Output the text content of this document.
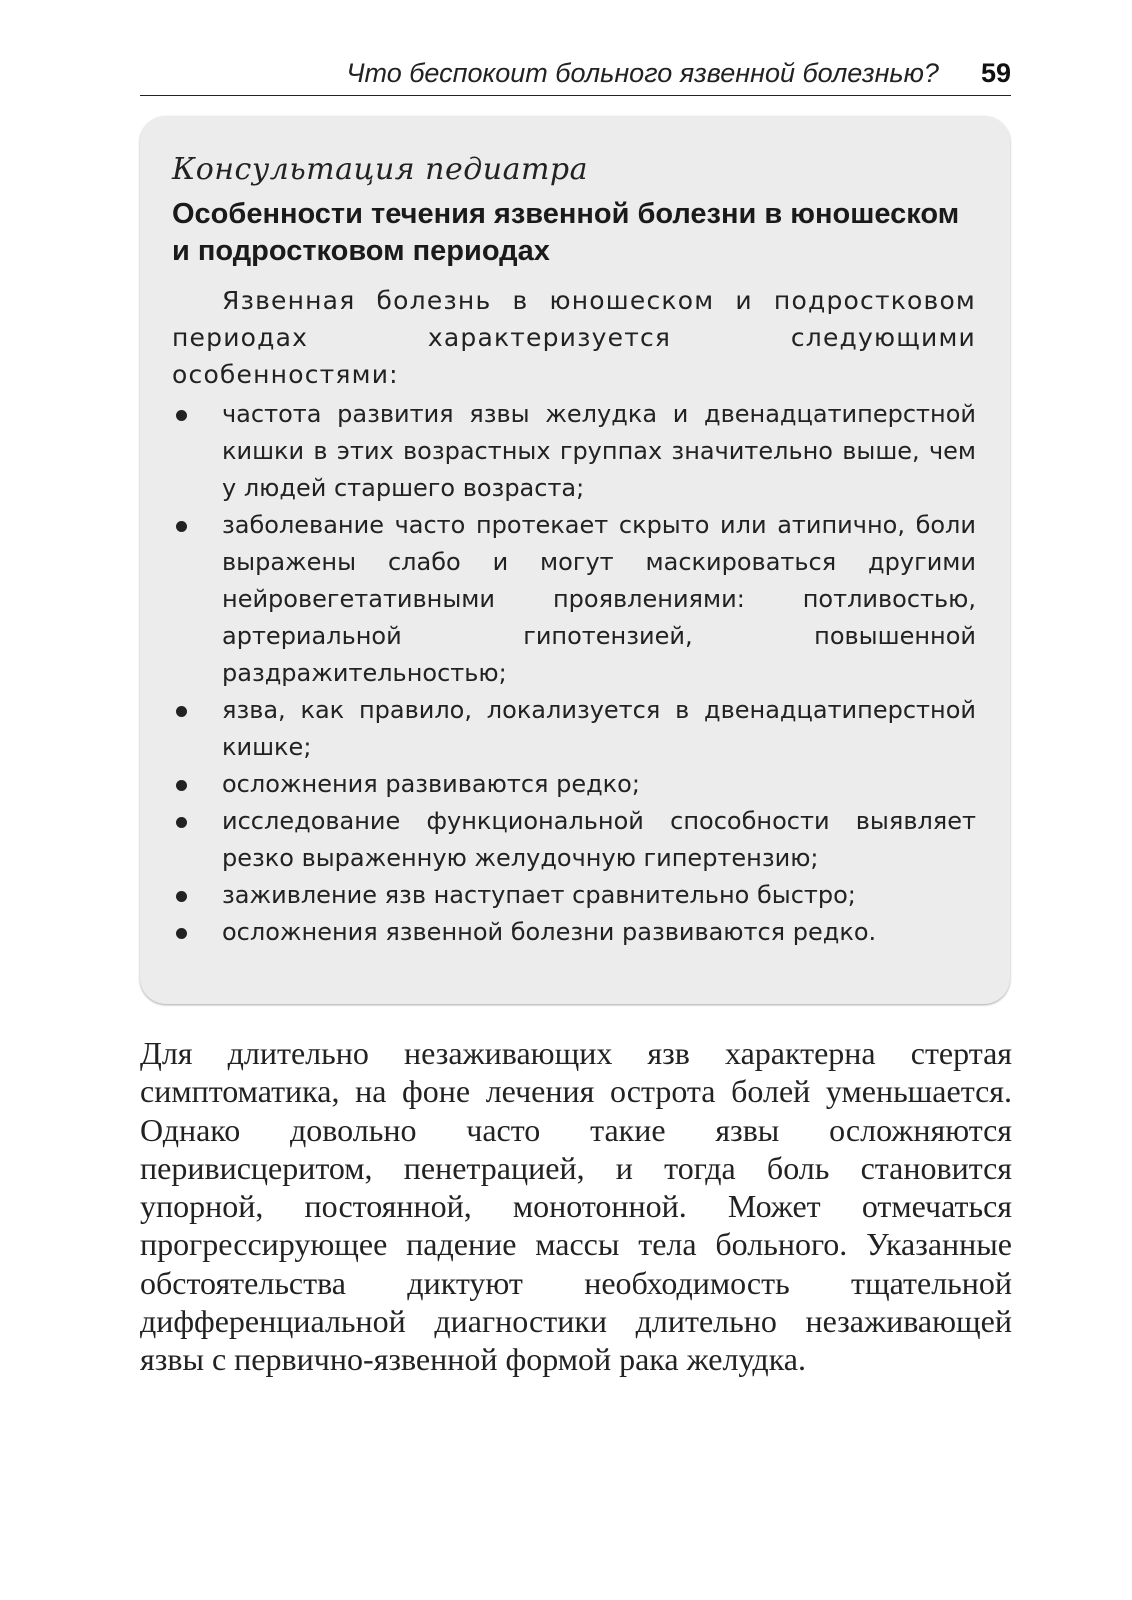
Что беспокоит больного язвенной болезнью? 59
Консультация педиатра
Особенности течения язвенной болезни в юношеском и подростковом периодах

Язвенная болезнь в юношеском и подростковом периодах характеризуется следующими особенностями:

частота развития язвы желудка и двенадцатиперстной кишки в этих возрастных группах значительно выше, чем у людей старшего возраста;
заболевание часто протекает скрыто или атипично, боли выражены слабо и могут маскироваться другими нейровегетативными проявлениями: потливостью, артериальной гипотензией, повышенной раздражительностью;
язва, как правило, локализуется в двенадцатиперстной кишке;
осложнения развиваются редко;
исследование функциональной способности выявляет резко выраженную желудочную гипертензию;
заживление язв наступает сравнительно быстро;
осложнения язвенной болезни развиваются редко.

Для длительно незаживающих язв характерна стертая симптоматика, на фоне лечения острота болей уменьшается. Однако довольно часто такие язвы осложняются перивисцеритом, пенетрацией, и тогда боль становится упорной, постоянной, монотонной. Может отмечаться прогрессирующее падение массы тела больного. Указанные обстоятельства диктуют необходимость тщательной дифференциальной диагностики длительно незаживающей язвы с первично-язвенной формой рака желудка.
